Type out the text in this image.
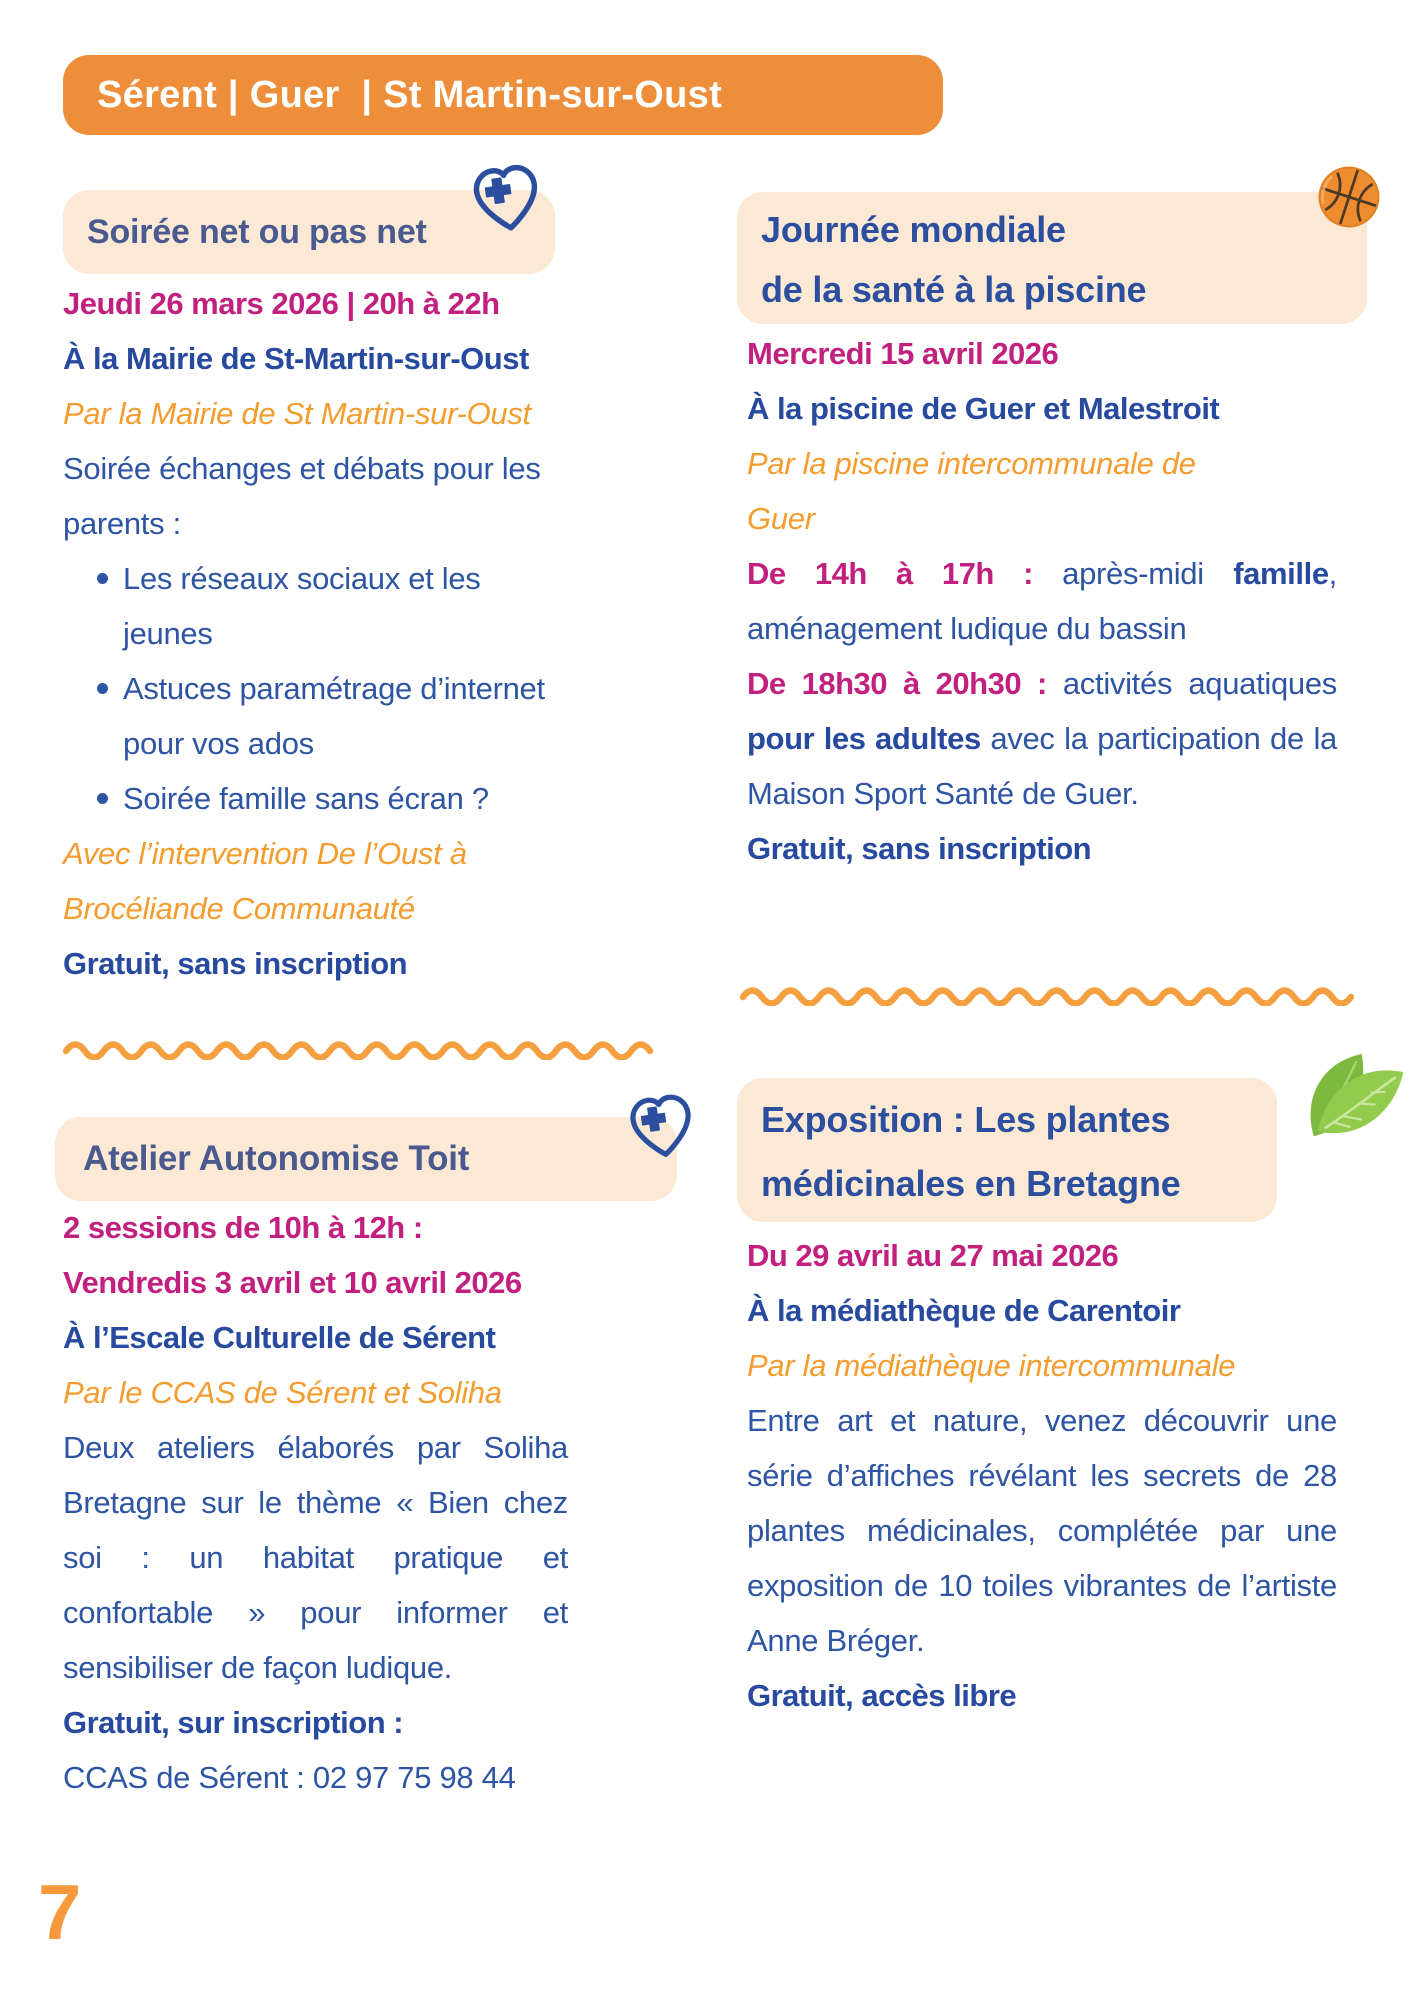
Sérent | Guer  | St Martin-sur-Oust
Soirée net ou pas net
Jeudi 26 mars 2026 | 20h à 22h
À la Mairie de St-Martin-sur-Oust
Par la Mairie de St Martin-sur-Oust
Soirée échanges et débats pour les
parents :
Les réseaux sociaux et les jeunes
Astuces paramétrage d’internet pour vos ados
Soirée famille sans écran ?
Avec l’intervention De l’Oust à
Brocéliande Communauté
Gratuit, sans inscription
Atelier Autonomise Toit
2 sessions de 10h à 12h :
Vendredis 3 avril et 10 avril 2026
À l’Escale Culturelle de Sérent
Par le CCAS de Sérent et Soliha

Deux ateliers élaborés par Soliha Bretagne sur le thème « Bien chez soi : un habitat pratique et confortable » pour informer et sensibiliser de façon ludique.

Gratuit, sur inscription :
CCAS de Sérent : 02 97 75 98 44
7
Journée mondiale
de la santé à la piscine
Mercredi 15 avril 2026
À la piscine de Guer et Malestroit
Par la piscine intercommunale de
Guer

De 14h à 17h : après-midi famille, aménagement ludique du bassin

De 18h30 à 20h30 : activités aquatiques pour les adultes avec la participation de la Maison Sport Santé de Guer.

Gratuit, sans inscription
Exposition : Les plantes
médicinales en Bretagne
Du 29 avril au 27 mai 2026
À la médiathèque de Carentoir
Par la médiathèque intercommunale

Entre art et nature, venez découvrir une série d’affiches révélant les secrets de 28 plantes médicinales, complétée par une exposition de 10 toiles vibrantes de l’artiste Anne Bréger.

Gratuit, accès libre
